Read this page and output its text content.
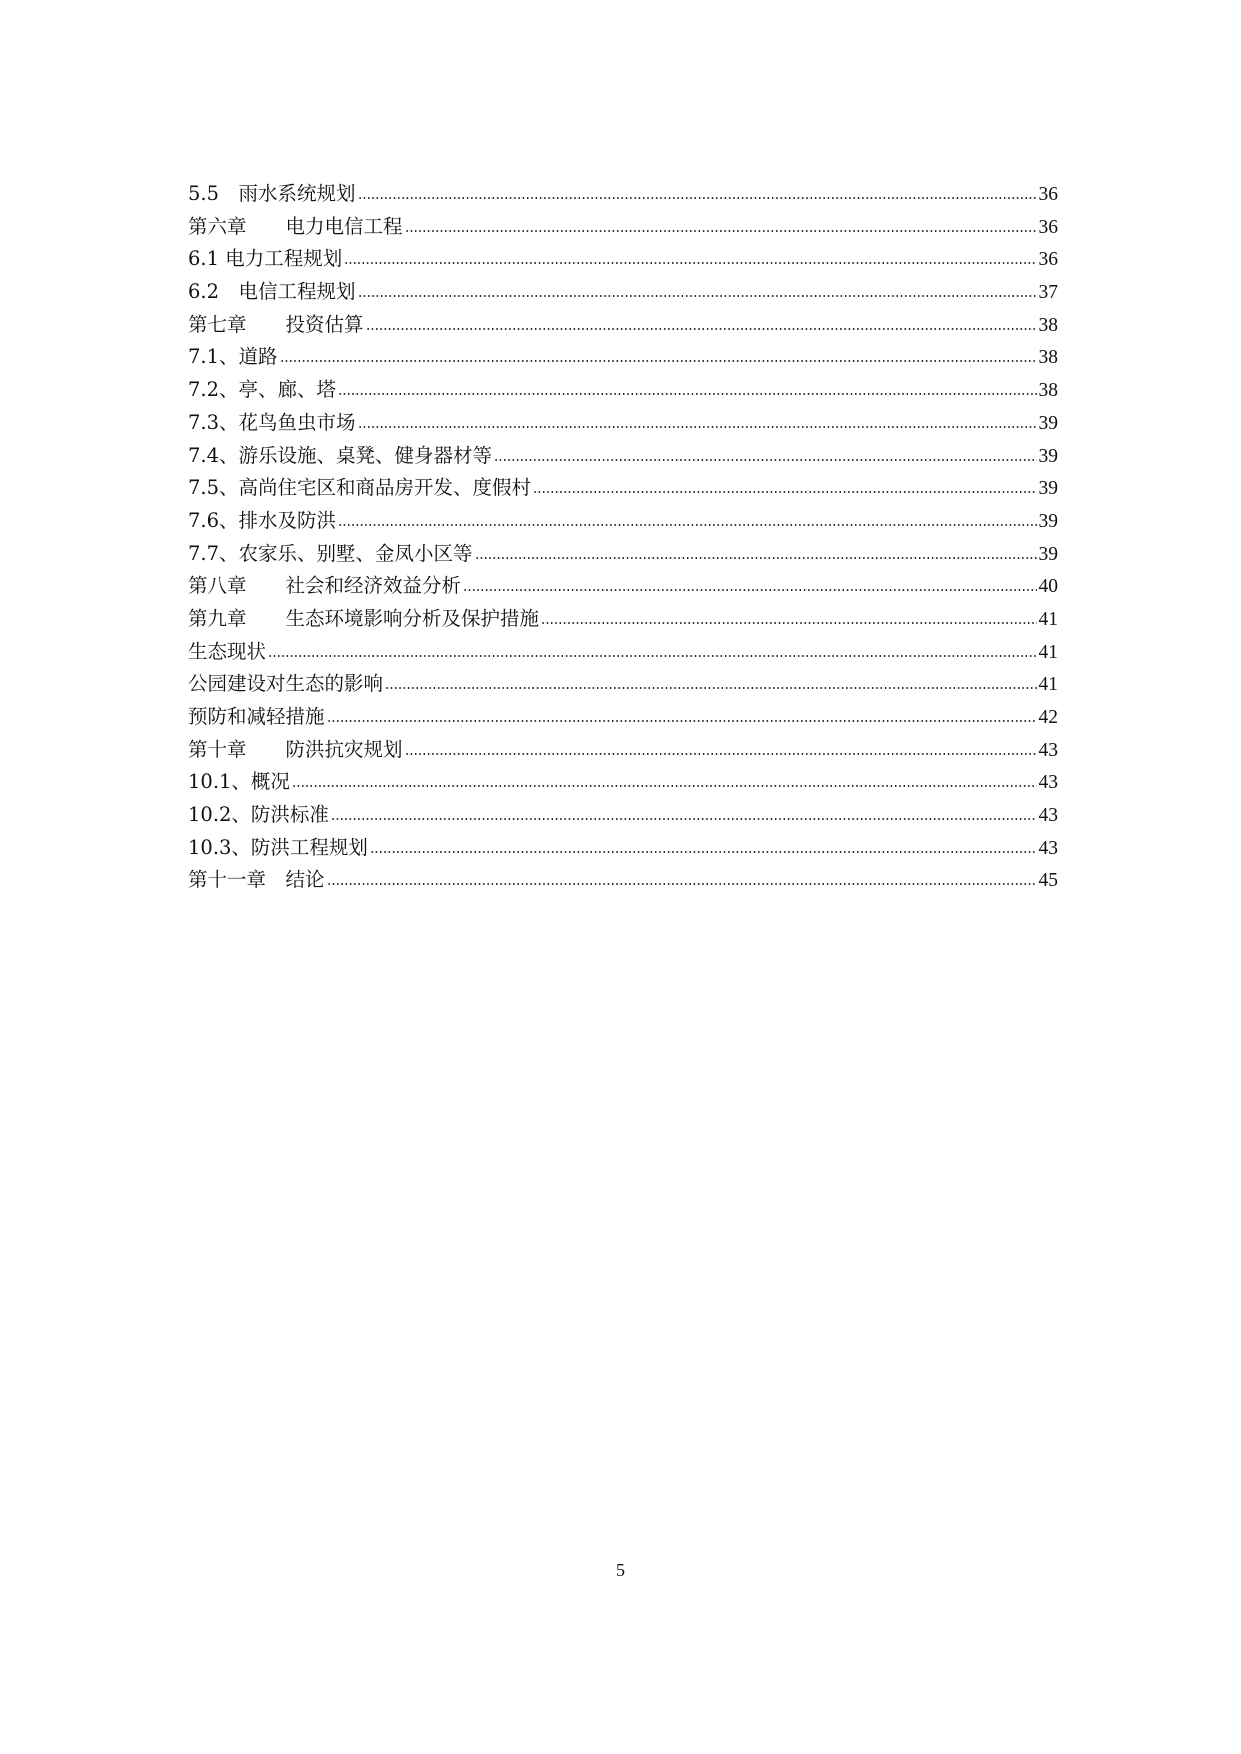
5.5　雨水系统规划	36
第六章　　电力电信工程	36
6.1 电力工程规划	36
6.2　电信工程规划	37
第七章　　投资估算	38
7.1、道路	38
7.2、亭、廊、塔	38
7.3、花鸟鱼虫市场	39
7.4、游乐设施、桌凳、健身器材等	39
7.5、高尚住宅区和商品房开发、度假村	39
7.6、排水及防洪	39
7.7、农家乐、别墅、金凤小区等	39
第八章　　社会和经济效益分析	40
第九章　　生态环境影响分析及保护措施	41
生态现状	41
公园建设对生态的影响	41
预防和减轻措施	42
第十章　　防洪抗灾规划	43
10.1、概况	43
10.2、防洪标准	43
10.3、防洪工程规划	43
第十一章　结论	45
5
